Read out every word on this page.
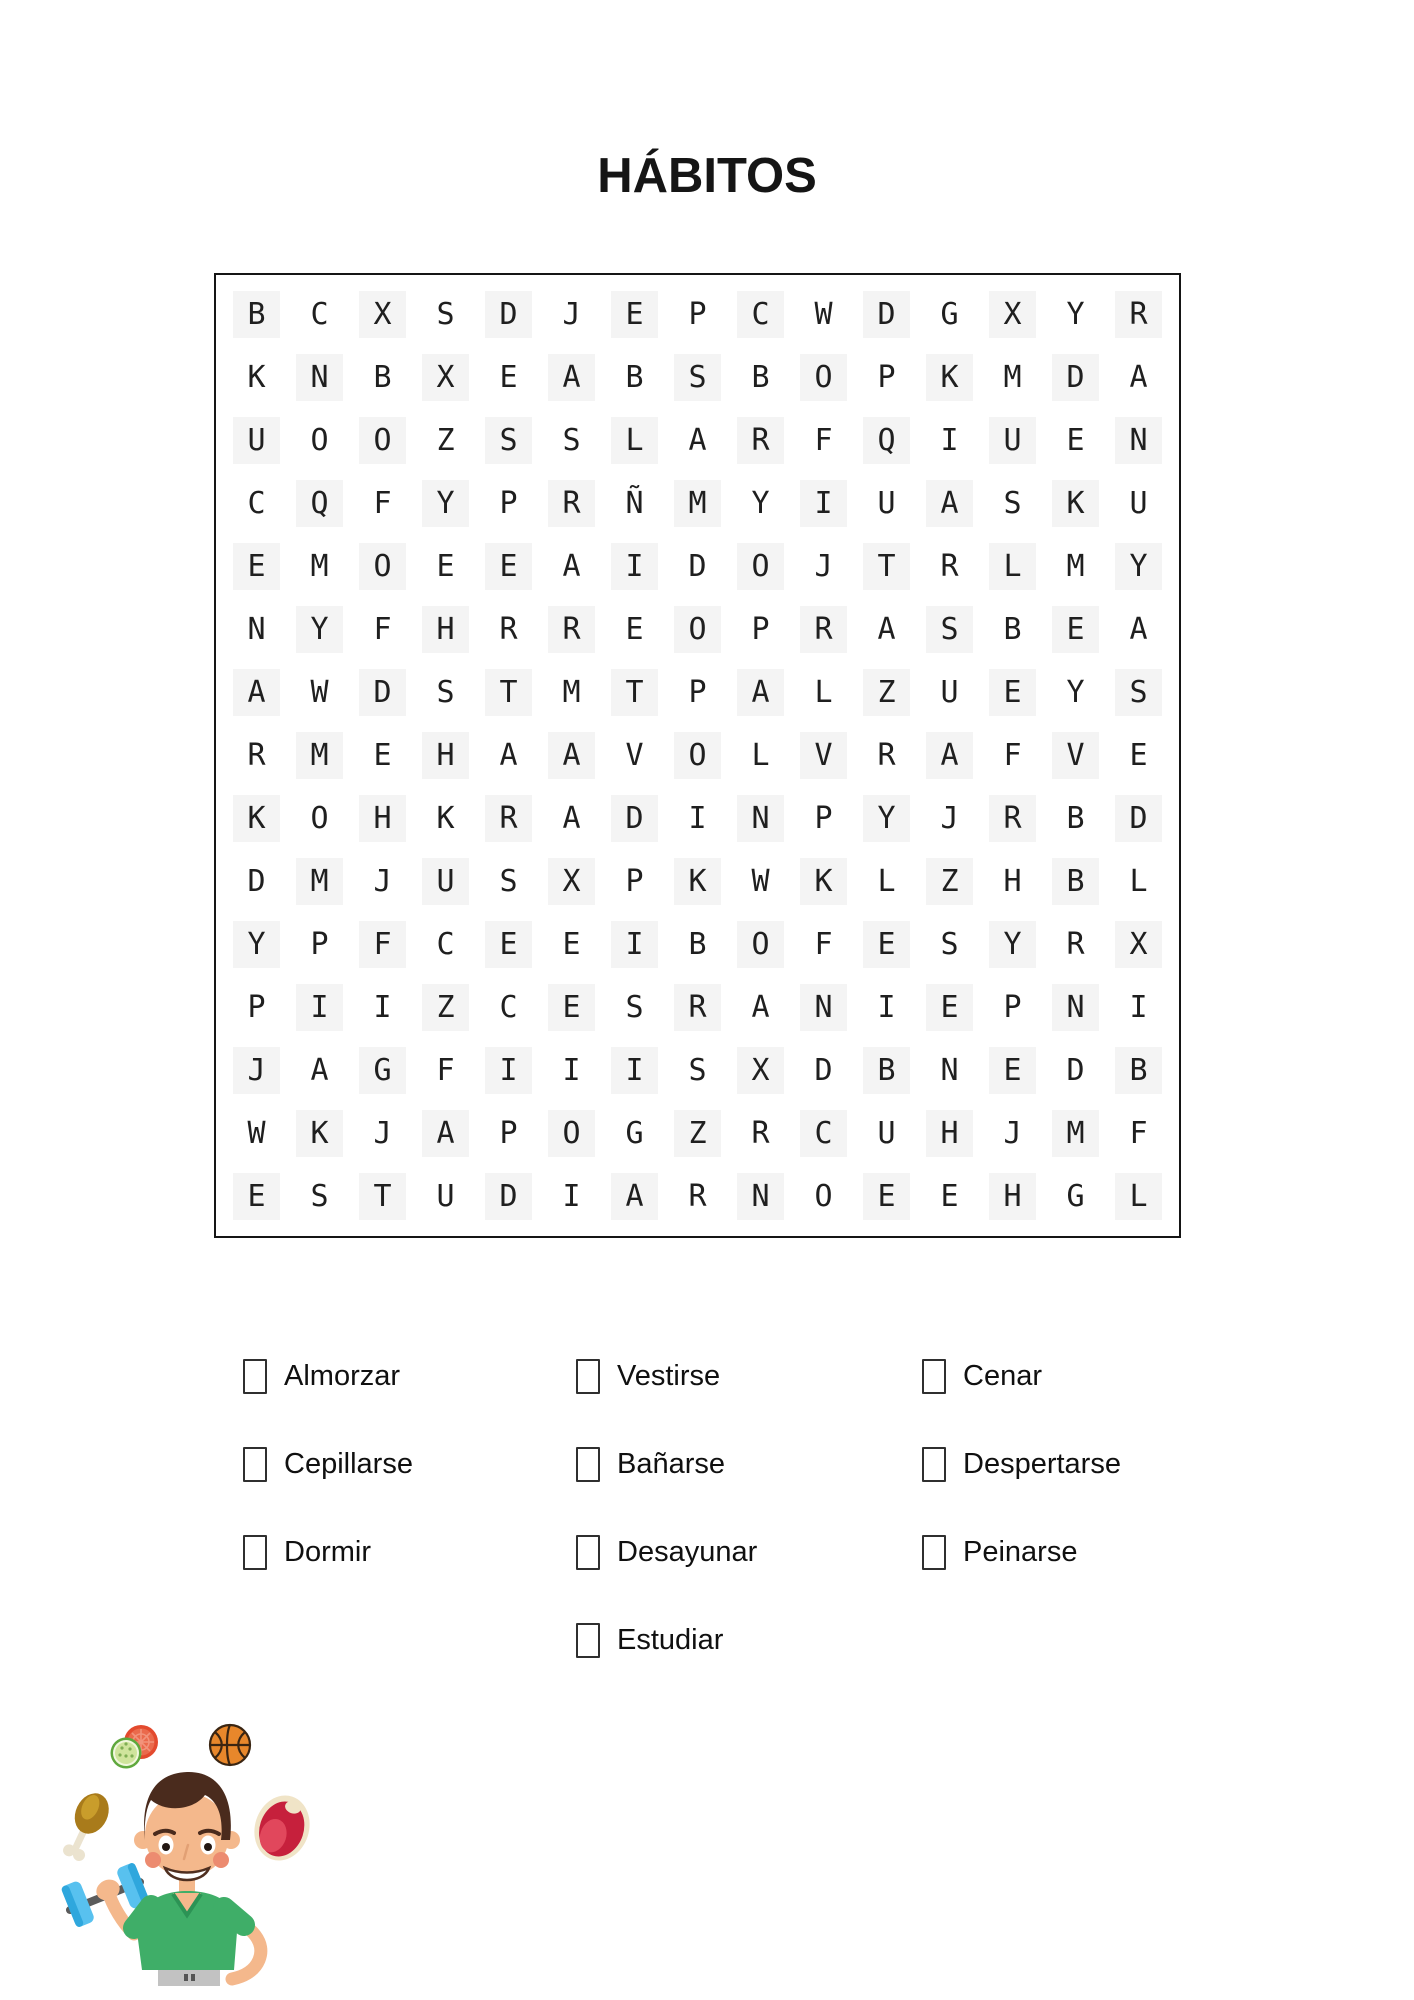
HÁBITOS
B	C	X	S	D	J	E	P	C	W	D	G	X	Y	R
K	N	B	X	E	A	B	S	B	O	P	K	M	D	A
U	O	O	Z	S	S	L	A	R	F	Q	I	U	E	N
C	Q	F	Y	P	R	Ñ	M	Y	I	U	A	S	K	U
E	M	O	E	E	A	I	D	O	J	T	R	L	M	Y
N	Y	F	H	R	R	E	O	P	R	A	S	B	E	A
A	W	D	S	T	M	T	P	A	L	Z	U	E	Y	S
R	M	E	H	A	A	V	O	L	V	R	A	F	V	E
K	O	H	K	R	A	D	I	N	P	Y	J	R	B	D
D	M	J	U	S	X	P	K	W	K	L	Z	H	B	L
Y	P	F	C	E	E	I	B	O	F	E	S	Y	R	X
P	I	I	Z	C	E	S	R	A	N	I	E	P	N	I
J	A	G	F	I	I	I	S	X	D	B	N	E	D	B
W	K	J	A	P	O	G	Z	R	C	U	H	J	M	F
E	S	T	U	D	I	A	R	N	O	E	E	H	G	L
Almorzar
Cepillarse
Dormir
Vestirse
Bañarse
Desayunar
Estudiar
Cenar
Despertarse
Peinarse
